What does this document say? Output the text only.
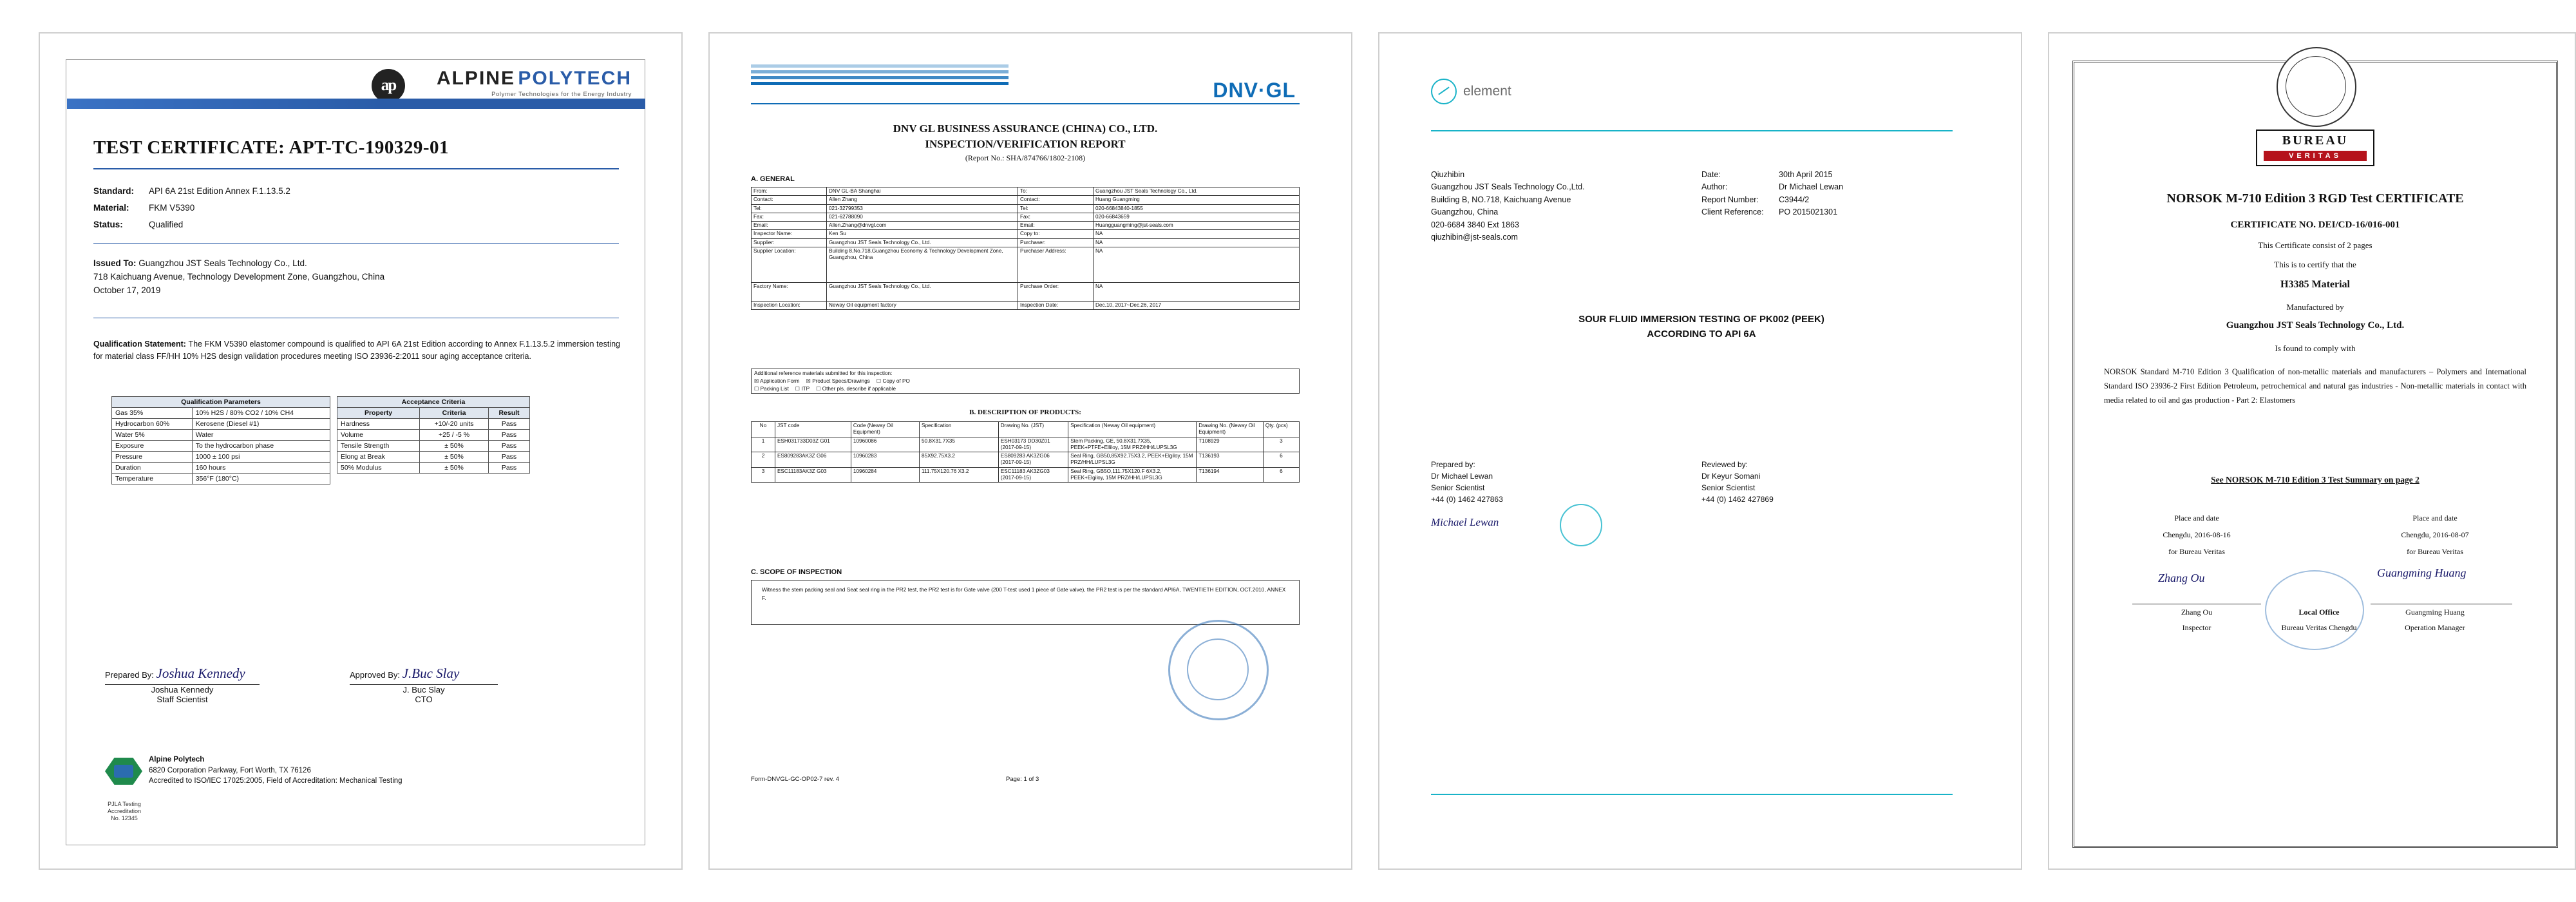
ALPINE POLYTECH
Polymer Technologies for the Energy Industry
ap
TEST CERTIFICATE: APT-TC-190329-01
Standard: API 6A 21st Edition Annex F.1.13.5.2
Material: FKM V5390
Status:	Qualified
Issued To: Guangzhou JST Seals Technology Co., Ltd.
718 Kaichuang Avenue, Technology Development Zone, Guangzhou, China
October 17, 2019
Qualification Statement: The FKM V5390 elastomer compound is qualified to API 6A 21st Edition according to Annex F.1.13.5.2 immersion testing for material class FF/HH 10% H2S design validation procedures meeting ISO 23936-2:2011 sour aging acceptance criteria.
Qualification Parameters	
Gas 35%	10% H2S / 80% CO2 / 10% CH4
Hydrocarbon 60%	Kerosene (Diesel #1)
Water 5%	Water
Exposure	To the hydrocarbon phase
Pressure	1000 ± 100 psi
Duration	160 hours
Temperature	356°F (180°C)
Acceptance Criteria		
Property	Criteria	Result
Hardness	+10/-20 units	Pass
Volume	+25 / -5 %	Pass
Tensile Strength	± 50%	Pass
Elong at Break	± 50%	Pass
50% Modulus	± 50%	Pass
Prepared By: Joshua Kennedy
Joshua Kennedy
Staff Scientist
Approved By: J.Buc Slay
J. Buc Slay
CTO
Alpine Polytech
6820 Corporation Parkway, Fort Worth, TX 76126
Accredited to ISO/IEC 17025:2005, Field of Accreditation: Mechanical Testing
PJLA Testing Accreditation No. 12345
DNV·GL
DNV GL BUSINESS ASSURANCE (CHINA) CO., LTD.
INSPECTION/VERIFICATION REPORT
(Report No.: SHA/874766/1802-2108)
A. GENERAL
From:	DNV GL-BA Shanghai	To:	Guangzhou JST Seals Technology Co., Ltd.
Contact:	Allen Zhang	Contact:	Huang Guangming
Tel:	021-32799353	Tel:	020-66843840-1855
Fax:	021-62788090	Fax:	020-66843659
Email:	Allen.Zhang@dnvgl.com	Email:	Huangguangming@jst-seals.com
Inspector Name:	Ken Su	Copy to:	NA
Supplier:	Guangzhou JST Seals Technology Co., Ltd.	Purchaser:	NA
Supplier Location:	Building 8,No.718,Guangzhou Economy & Technology Development Zone, Guangzhou, China	Purchaser Address:	NA
Factory Name:	Guangzhou JST Seals Technology Co., Ltd.	Purchase Order:	NA
Inspection Location:	Neway Oil equipment factory	Inspection Date:	Dec.10, 2017~Dec.26, 2017
Additional reference materials submitted for this inspection:
☒ Application Form ☒ Product Specs/Drawings ☐ Copy of PO
☐ Packing List ☐ ITP ☐ Other pls. describe if applicable
B. DESCRIPTION OF PRODUCTS:
No	JST code	Code (Neway Oil Equipment)	Specification	Drawing No. (JST)	Specification (Neway Oil equipment)	Drawing No. (Neway Oil Equipment)	Qty. (pcs)
1	ESH031733D03Z G01	10960086	50.8X31.7X35	ESH03173 DD30Z01 (2017-09-15)	Stem Packing, GE, 50.8X31.7X35, PEEK+PTFE+Elliloy, 15M PRZ/HH/LUPSL3G	T108929	3
2	ES809283AK3Z G06	10960283	85X92.75X3.2	ES809283 AK3ZG06 (2017-09-15)	Seal Ring, GB50,85X92.75X3.2, PEEK+Elgiloy, 15M PRZ/HH/LUPSL3G	T136193	6
3	ESC11183AK3Z G03	10960284	111.75X120.76 X3.2	ESC11183 AK3ZG03 (2017-09-15)	Seal Ring, GB5O,111.75X120.F 6X3.2, PEEK+Elgiloy, 15M PRZ/HH/LUPSL3G	T136194	6
C. SCOPE OF INSPECTION
Witness the stem packing seal and Seat seal ring in the PR2 test, the PR2 test is for Gate valve (200 T-test used 1 piece of Gate valve), the PR2 test is per the standard API6A, TWENTIETH EDITION, OCT.2010, ANNEX F.
Form-DNVGL-GC-OP02-7 rev. 4	Page: 1 of 3
element
Qiuzhibin
Guangzhou JST Seals Technology Co.,Ltd.
Building B, NO.718, Kaichuang Avenue
Guangzhou, China
020-6684 3840 Ext 1863
qiuzhibin@jst-seals.com
Date:	30th April 2015
Author:	Dr Michael Lewan
Report Number: C3944/2
Client Reference: PO 2015021301
SOUR FLUID IMMERSION TESTING OF PK002 (PEEK)
ACCORDING TO API 6A
Prepared by:
Dr Michael Lewan
Senior Scientist
+44 (0) 1462 427863
Michael Lewan
Reviewed by:
Dr Keyur Somani
Senior Scientist
+44 (0) 1462 427869
BUREAU
VERITAS
NORSOK M-710 Edition 3 RGD Test CERTIFICATE
CERTIFICATE NO. DEI/CD-16/016-001
This Certificate consist of 2 pages
This is to certify that the
H3385 Material
Manufactured by
Guangzhou JST Seals Technology Co., Ltd.
Is found to comply with
NORSOK Standard M-710 Edition 3 Qualification of non-metallic materials and manufacturers – Polymers and International Standard ISO 23936-2 First Edition Petroleum, petrochemical and natural gas industries - Non-metallic materials in contact with media related to oil and gas production - Part 2: Elastomers
See NORSOK M-710 Edition 3 Test Summary on page 2
Place and date
Chengdu, 2016-08-16
for Bureau Veritas
Zhang Ou
Zhang Ou
Inspector
Place and date
Chengdu, 2016-08-07
for Bureau Veritas
Guangming Huang
Local Office
Bureau Veritas Chengdu
Guangming Huang
Operation Manager
